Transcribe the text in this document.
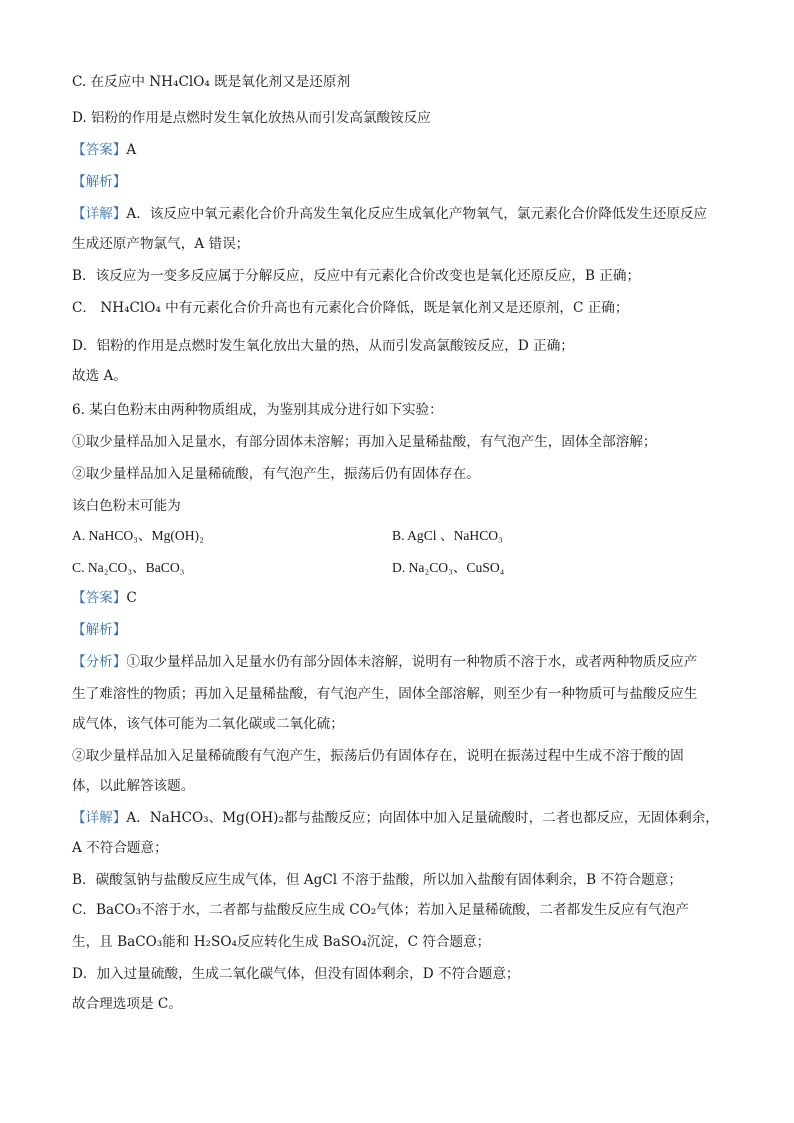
C. 在反应中 NH₄ClO₄ 既是氧化剂又是还原剂
D. 铝粉的作用是点燃时发生氧化放热从而引发高氯酸铵反应
【答案】A
【解析】
【详解】A．该反应中氧元素化合价升高发生氧化反应生成氧化产物氧气，氯元素化合价降低发生还原反应
生成还原产物氯气，A 错误；
B．该反应为一变多反应属于分解反应，反应中有元素化合价改变也是氧化还原反应，B 正确；
C． NH₄ClO₄ 中有元素化合价升高也有元素化合价降低，既是氧化剂又是还原剂，C 正确；
D．铝粉的作用是点燃时发生氧化放出大量的热，从而引发高氯酸铵反应，D 正确；
故选 A。
6. 某白色粉末由两种物质组成，为鉴别其成分进行如下实验：
①取少量样品加入足量水，有部分固体未溶解；再加入足量稀盐酸，有气泡产生，固体全部溶解；
②取少量样品加入足量稀硫酸，有气泡产生，振荡后仍有固体存在。
该白色粉末可能为
A. NaHCO₃、Mg(OH)₂	B. AgCl 、NaHCO₃
C. Na₂CO₃、BaCO₃	D. Na₂CO₃、CuSO₄
【答案】C
【解析】
【分析】①取少量样品加入足量水仍有部分固体未溶解，说明有一种物质不溶于水，或者两种物质反应产
生了难溶性的物质；再加入足量稀盐酸，有气泡产生，固体全部溶解，则至少有一种物质可与盐酸反应生
成气体，该气体可能为二氧化碳或二氧化硫；
②取少量样品加入足量稀硫酸有气泡产生，振荡后仍有固体存在，说明在振荡过程中生成不溶于酸的固
体，以此解答该题。
【详解】A．NaHCO₃、Mg(OH)₂都与盐酸反应；向固体中加入足量硫酸时，二者也都反应，无固体剩余，
A 不符合题意；
B．碳酸氢钠与盐酸反应生成气体，但 AgCl 不溶于盐酸，所以加入盐酸有固体剩余，B 不符合题意；
C．BaCO₃不溶于水，二者都与盐酸反应生成 CO₂气体；若加入足量稀硫酸，二者都发生反应有气泡产
生，且 BaCO₃能和 H₂SO₄反应转化生成 BaSO₄沉淀，C 符合题意；
D．加入过量硫酸，生成二氧化碳气体，但没有固体剩余，D 不符合题意；
故合理选项是 C。
